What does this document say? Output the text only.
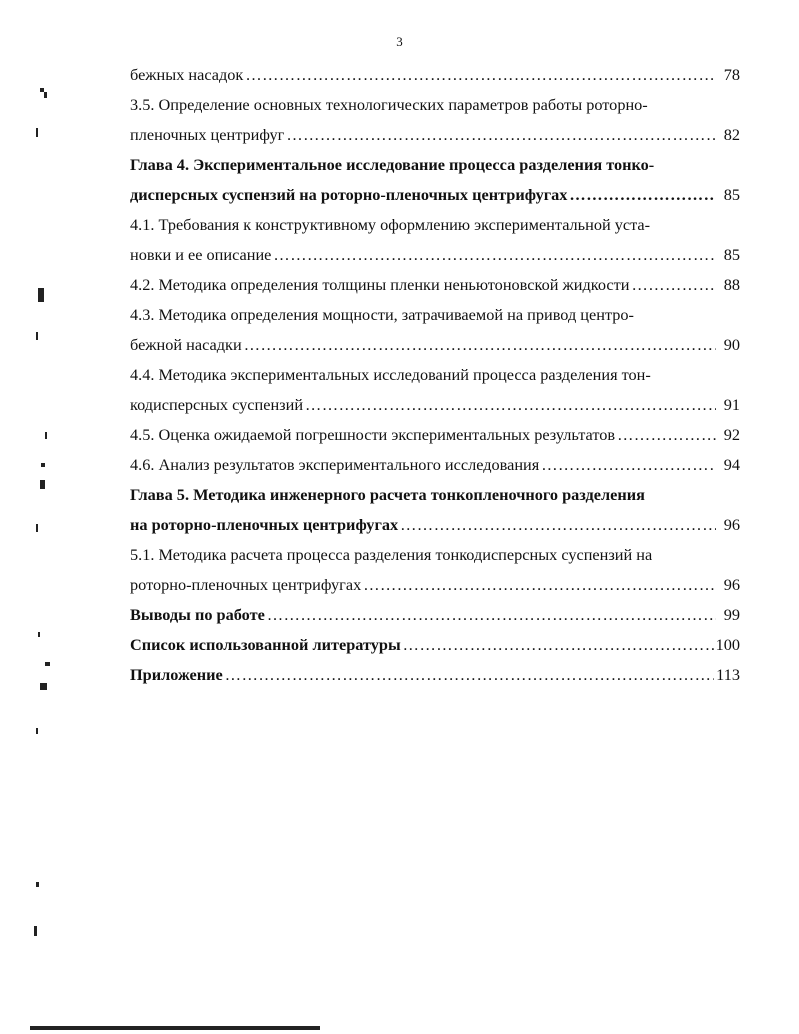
3
бежных насадок ……………………………………………………………………………………………………………………………………………………………………………	78
3.5. Определение основных технологических параметров работы роторно-
пленочных центрифуг ……………………………………………………………………………………………………………………………………………………………………………	82
Глава 4. Экспериментальное исследование процесса разделения тонко-
дисперсных суспензий на роторно-пленочных центрифугах ……………………………………………………………………………………………………………………………………………………………………………	85
4.1. Требования к конструктивному оформлению экспериментальной уста-
новки и ее описание ……………………………………………………………………………………………………………………………………………………………………………	85
4.2. Методика определения толщины пленки неньютоновской жидкости ……………………………………………………………………………………………………………………………………………………………………………	88
4.3. Методика определения мощности, затрачиваемой на привод центро-
бежной насадки ……………………………………………………………………………………………………………………………………………………………………………	90
4.4. Методика экспериментальных исследований процесса разделения тон-
кодисперсных суспензий ……………………………………………………………………………………………………………………………………………………………………………	91
4.5. Оценка ожидаемой погрешности экспериментальных результатов ……………………………………………………………………………………………………………………………………………………………………………	92
4.6. Анализ результатов экспериментального исследования ……………………………………………………………………………………………………………………………………………………………………………	94
Глава 5. Методика инженерного расчета тонкопленочного разделения
на роторно-пленочных центрифугах ……………………………………………………………………………………………………………………………………………………………………………	96
5.1. Методика расчета процесса разделения тонкодисперсных суспензий на
роторно-пленочных центрифугах ……………………………………………………………………………………………………………………………………………………………………………	96
Выводы по работе ……………………………………………………………………………………………………………………………………………………………………………	99
Список использованной литературы ……………………………………………………………………………………………………………………………………………………………………………	100
Приложение ……………………………………………………………………………………………………………………………………………………………………………	113
